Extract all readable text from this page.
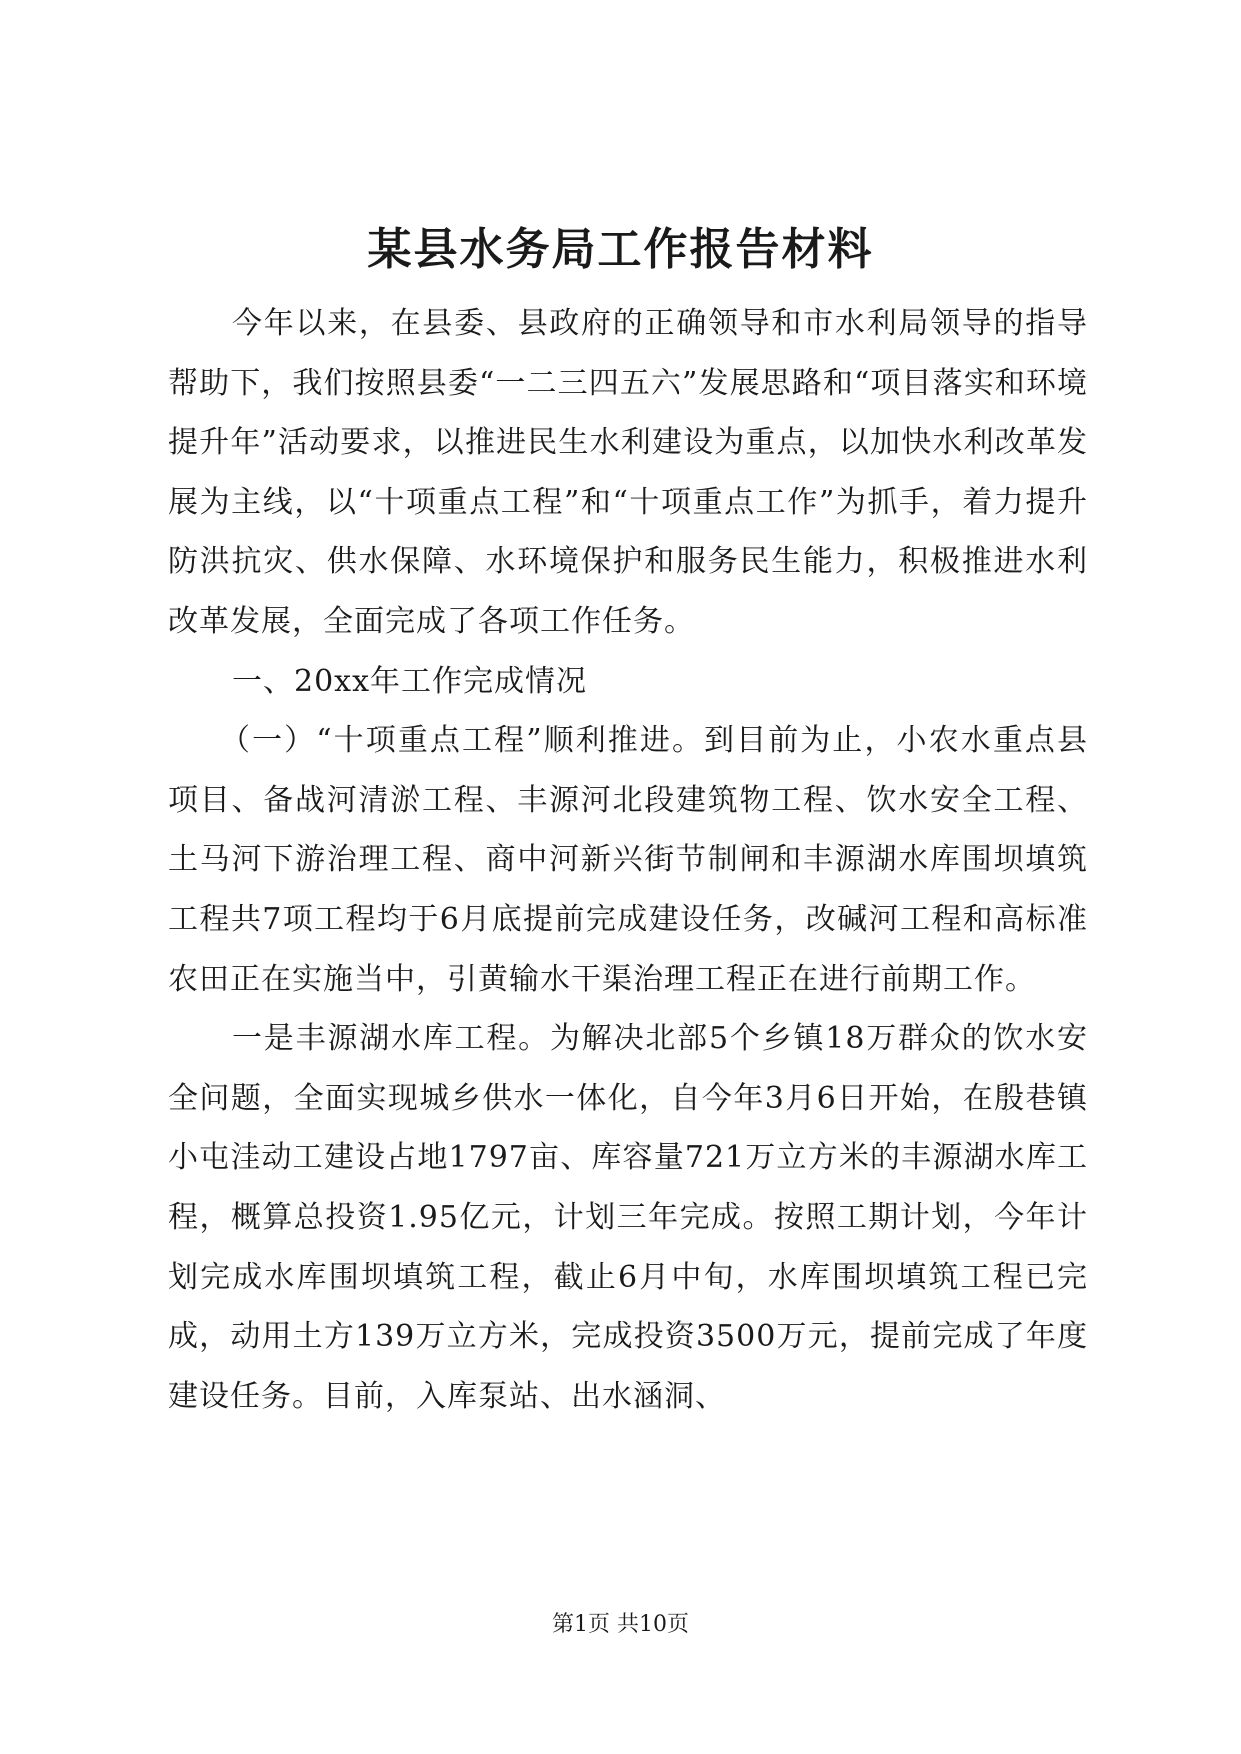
某县水务局工作报告材料

今年以来，在县委、县政府的正确领导和市水利局领导的指导帮助下，我们按照县委“一二三四五六”发展思路和“项目落实和环境提升年”活动要求，以推进民生水利建设为重点，以加快水利改革发展为主线，以“十项重点工程”和“十项重点工作”为抓手，着力提升防洪抗灾、供水保障、水环境保护和服务民生能力，积极推进水利改革发展，全面完成了各项工作任务。

一、20xx年工作完成情况

（一）“十项重点工程”顺利推进。到目前为止，小农水重点县项目、备战河清淤工程、丰源河北段建筑物工程、饮水安全工程、土马河下游治理工程、商中河新兴街节制闸和丰源湖水库围坝填筑工程共7项工程均于6月底提前完成建设任务，改碱河工程和高标准农田正在实施当中，引黄输水干渠治理工程正在进行前期工作。

一是丰源湖水库工程。为解决北部5个乡镇18万群众的饮水安全问题，全面实现城乡供水一体化，自今年3月6日开始，在殷巷镇小屯洼动工建设占地1797亩、库容量721万立方米的丰源湖水库工程，概算总投资1.95亿元，计划三年完成。按照工期计划，今年计划完成水库围坝填筑工程，截止6月中旬，水库围坝填筑工程已完成，动用土方139万立方米，完成投资3500万元，提前完成了年度建设任务。目前，入库泵站、出水涵洞、

第1页 共10页
